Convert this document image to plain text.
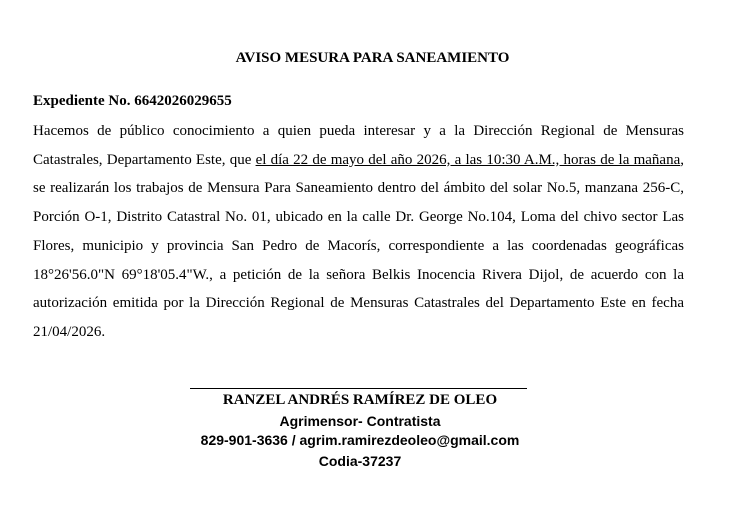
AVISO MESURA PARA SANEAMIENTO
Expediente No. 6642026029655
Hacemos de público conocimiento a quien pueda interesar y a la Dirección Regional de Mensuras Catastrales, Departamento Este, que el día 22 de mayo del año 2026, a las 10:30 A.M., horas de la mañana, se realizarán los trabajos de Mensura Para Saneamiento dentro del ámbito del solar No.5, manzana 256-C, Porción O-1, Distrito Catastral No. 01, ubicado en la calle Dr. George No.104, Loma del chivo sector Las Flores, municipio y provincia San Pedro de Macorís, correspondiente a las coordenadas geográficas 18°26'56.0"N 69°18'05.4"W., a petición de la señora Belkis Inocencia Rivera Dijol, de acuerdo con la autorización emitida por la Dirección Regional de Mensuras Catastrales del Departamento Este en fecha 21/04/2026.
RANZEL ANDRÉS RAMÍREZ DE OLEO
Agrimensor- Contratista
829-901-3636 / agrim.ramirezdeoleo@gmail.com
Codia-37237
